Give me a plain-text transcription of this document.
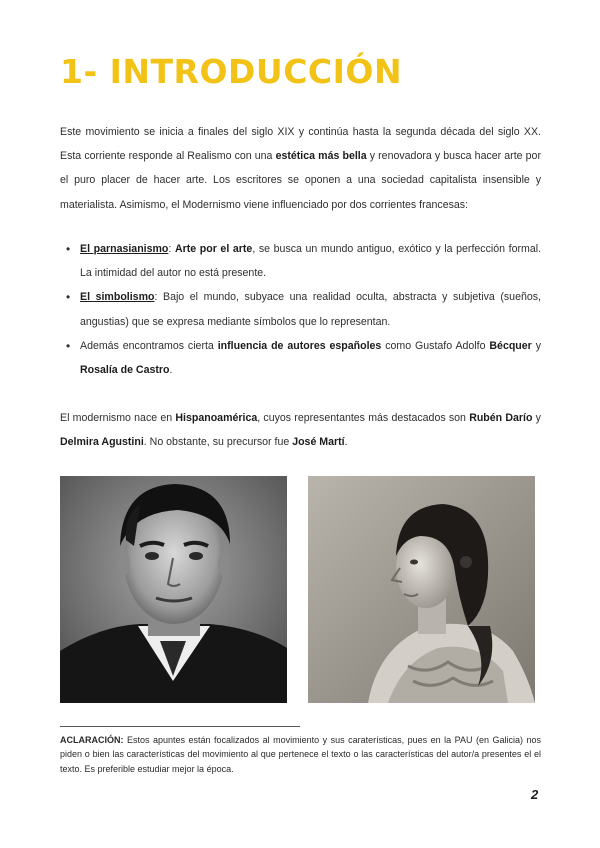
1- INTRODUCCIÓN

Este movimiento se inicia a finales del siglo XIX y continúa hasta la segunda década del siglo XX. Esta corriente responde al Realismo con una estética más bella y renovadora y busca hacer arte por el puro placer de hacer arte. Los escritores se oponen a una sociedad capitalista insensible y materialista. Asimismo, el Modernismo viene influenciado por dos corrientes francesas:

• El parnasianismo: Arte por el arte, se busca un mundo antiguo, exótico y la perfección formal. La intimidad del autor no está presente.
• El simbolismo: Bajo el mundo, subyace una realidad oculta, abstracta y subjetiva (sueños, angustias) que se expresa mediante símbolos que lo representan.
• Además encontramos cierta influencia de autores españoles como Gustafo Adolfo Bécquer y Rosalía de Castro.

El modernismo nace en Hispanoamérica, cuyos representantes más destacados son Rubén Darío y Delmira Agustini. No obstante, su precursor fue José Martí.

ACLARACIÓN: Estos apuntes están focalizados al movimiento y sus caraterísticas, pues en la PAU (en Galicia) nos piden o bien las características del movimiento al que pertenece el texto o las características del autor/a presentes el el texto. Es preferible estudiar mejor la época.

2
